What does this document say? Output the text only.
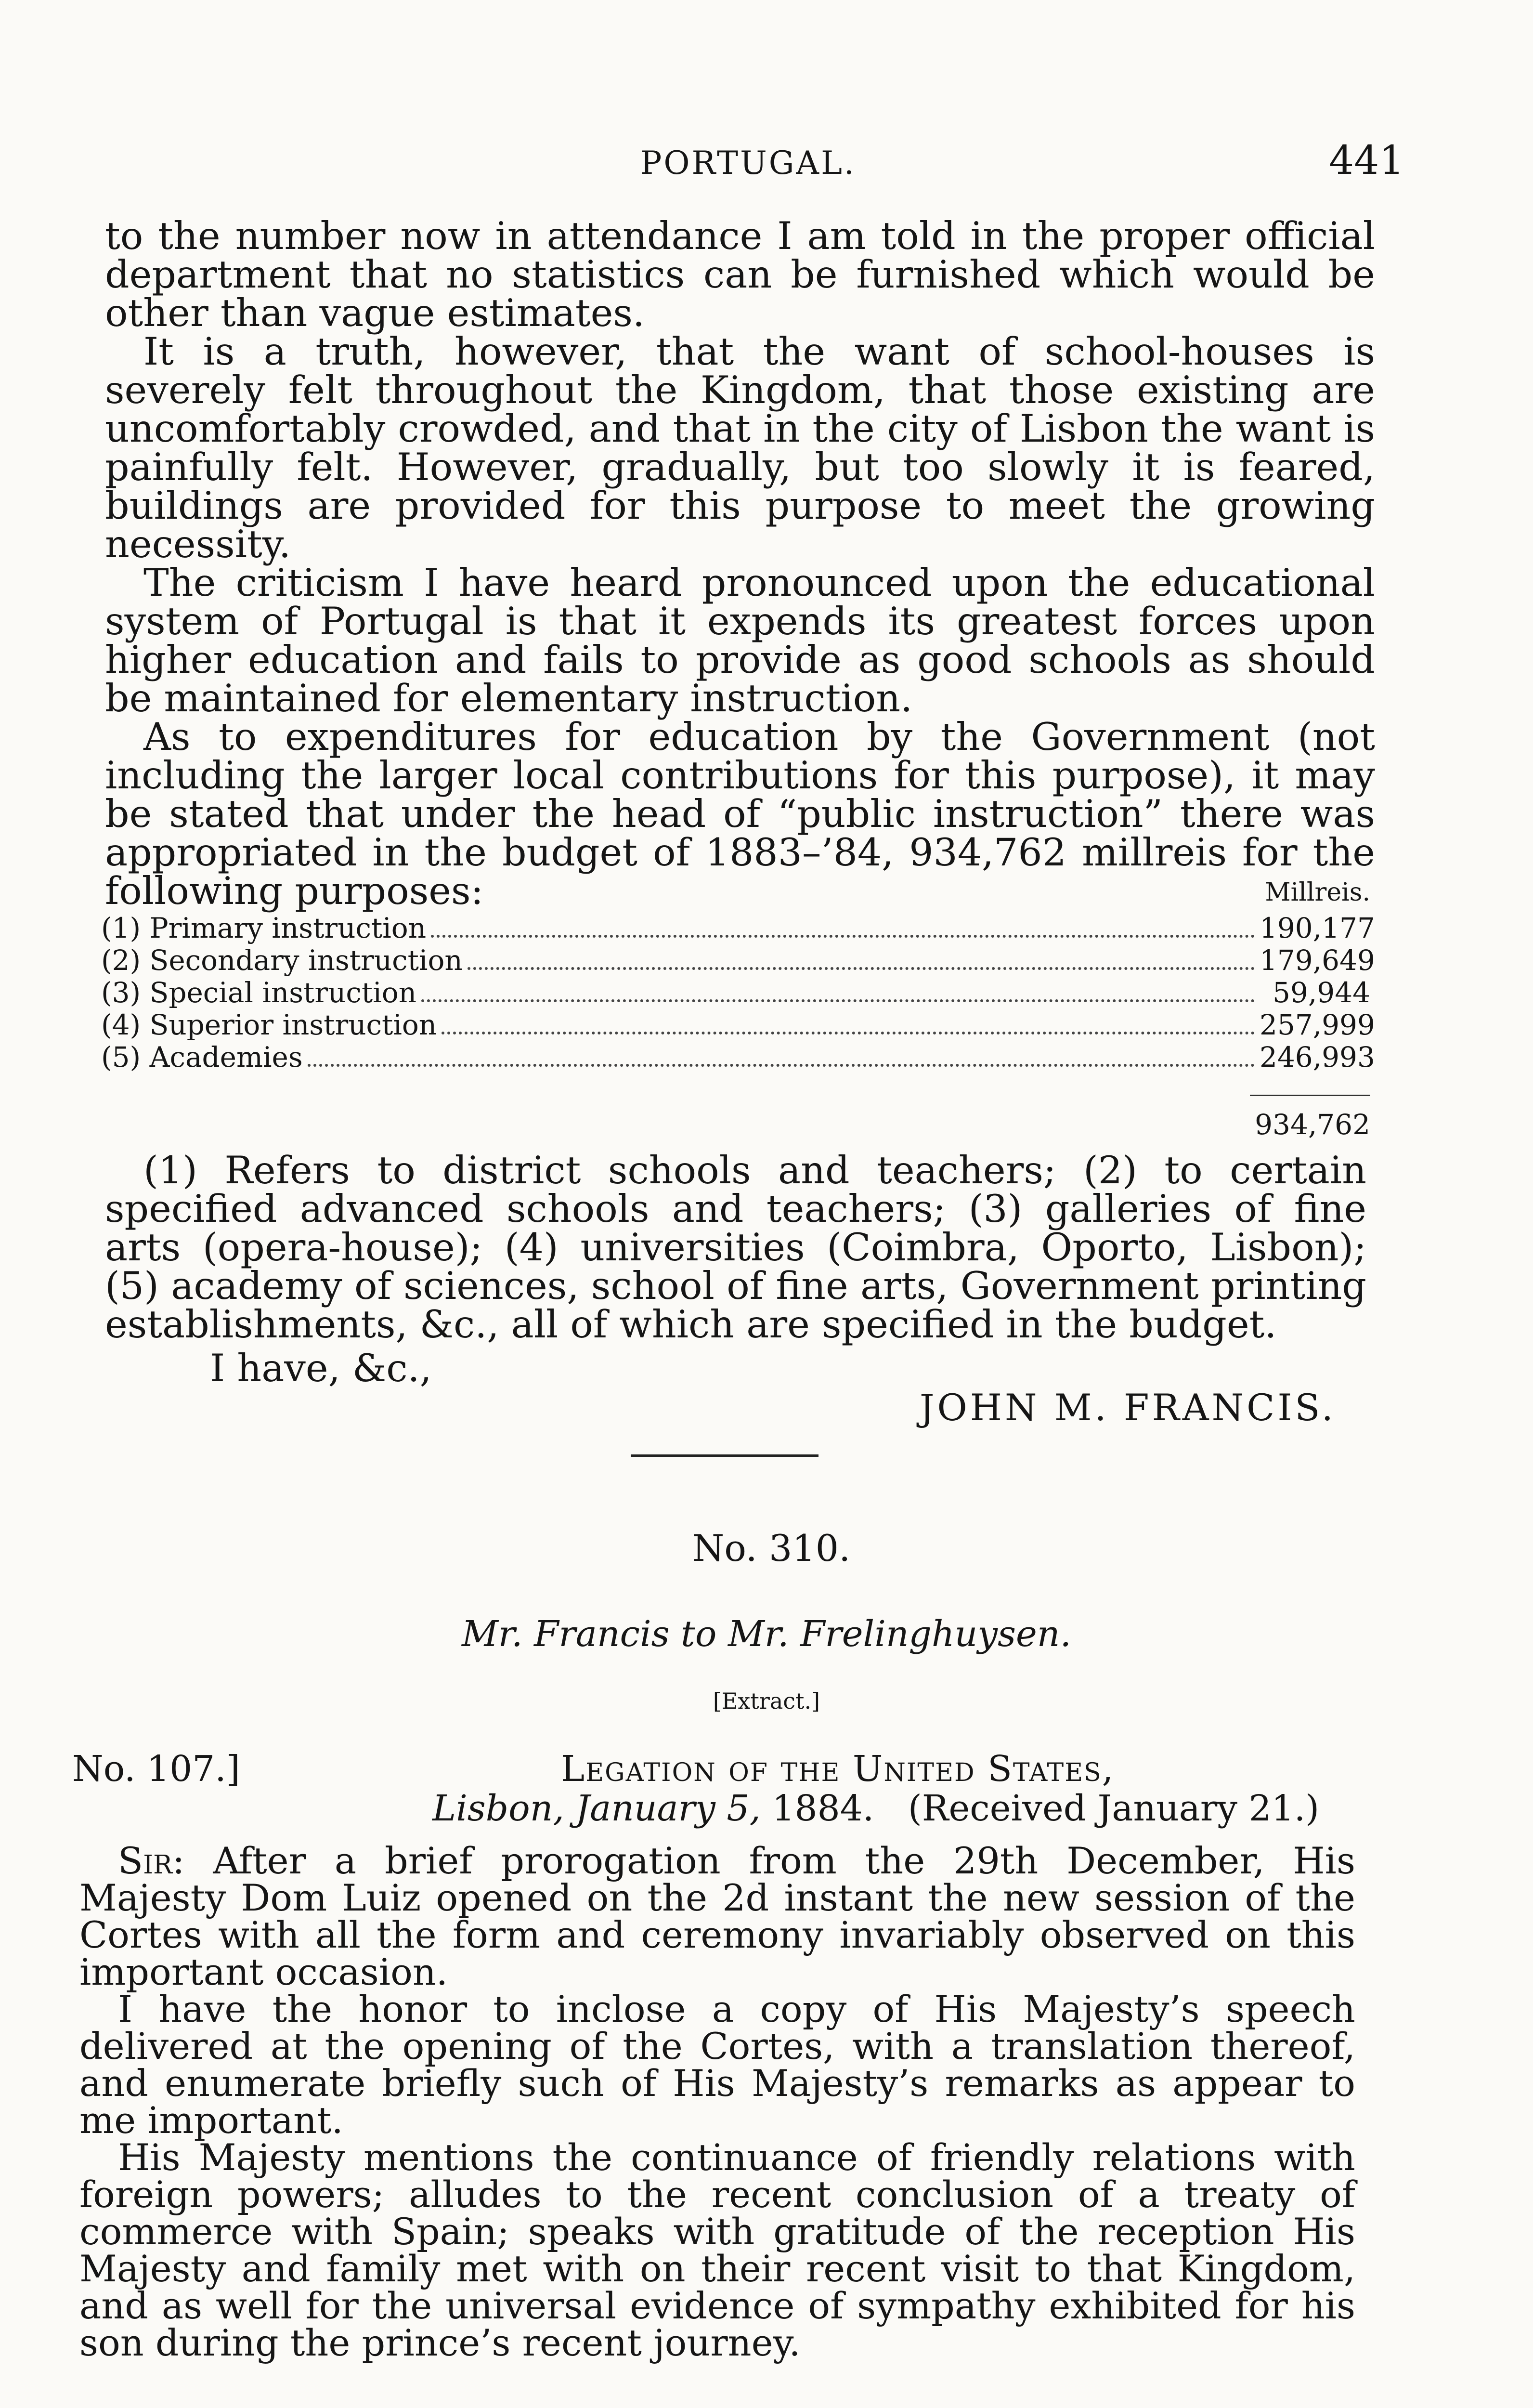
PORTUGAL.	441

to the number now in attendance I am told in the proper official department that no statistics can be furnished which would be other than vague estimates.

It is a truth, however, that the want of school-houses is severely felt throughout the Kingdom, that those existing are uncomfortably crowded, and that in the city of Lisbon the want is painfully felt. However, gradually, but too slowly it is feared, buildings are provided for this purpose to meet the growing necessity.

The criticism I have heard pronounced upon the educational system of Portugal is that it expends its greatest forces upon higher education and fails to provide as good schools as should be maintained for elementary instruction.

As to expenditures for education by the Government (not including the larger local contributions for this purpose), it may be stated that under the head of “public instruction” there was appropriated in the budget of 1883–’84, 934,762 millreis for the following purposes:	Millreis.
(1) Primary instruction	190,177
(2) Secondary instruction	179,649
(3) Special instruction	59,944
(4) Superior instruction	257,999
(5) Academies	246,993
934,762

(1) Refers to district schools and teachers; (2) to certain specified advanced schools and teachers; (3) galleries of fine arts (opera-house); (4) universities (Coimbra, Oporto, Lisbon); (5) academy of sciences, school of fine arts, Government printing establishments, &c., all of which are specified in the budget.

I have, &c.,
JOHN M. FRANCIS.
No. 310.
Mr. Francis to Mr. Frelinghuysen.
[Extract.]
No. 107.]	Legation of the United States,
Lisbon, January 5, 1884. (Received January 21.)

Sir: After a brief prorogation from the 29th December, His Majesty Dom Luiz opened on the 2d instant the new session of the Cortes with all the form and ceremony invariably observed on this important occasion.

I have the honor to inclose a copy of His Majesty’s speech delivered at the opening of the Cortes, with a translation thereof, and enumerate briefly such of His Majesty’s remarks as appear to me important.

His Majesty mentions the continuance of friendly relations with foreign powers; alludes to the recent conclusion of a treaty of commerce with Spain; speaks with gratitude of the reception His Majesty and family met with on their recent visit to that Kingdom, and as well for the universal evidence of sympathy exhibited for his son during the prince’s recent journey.
